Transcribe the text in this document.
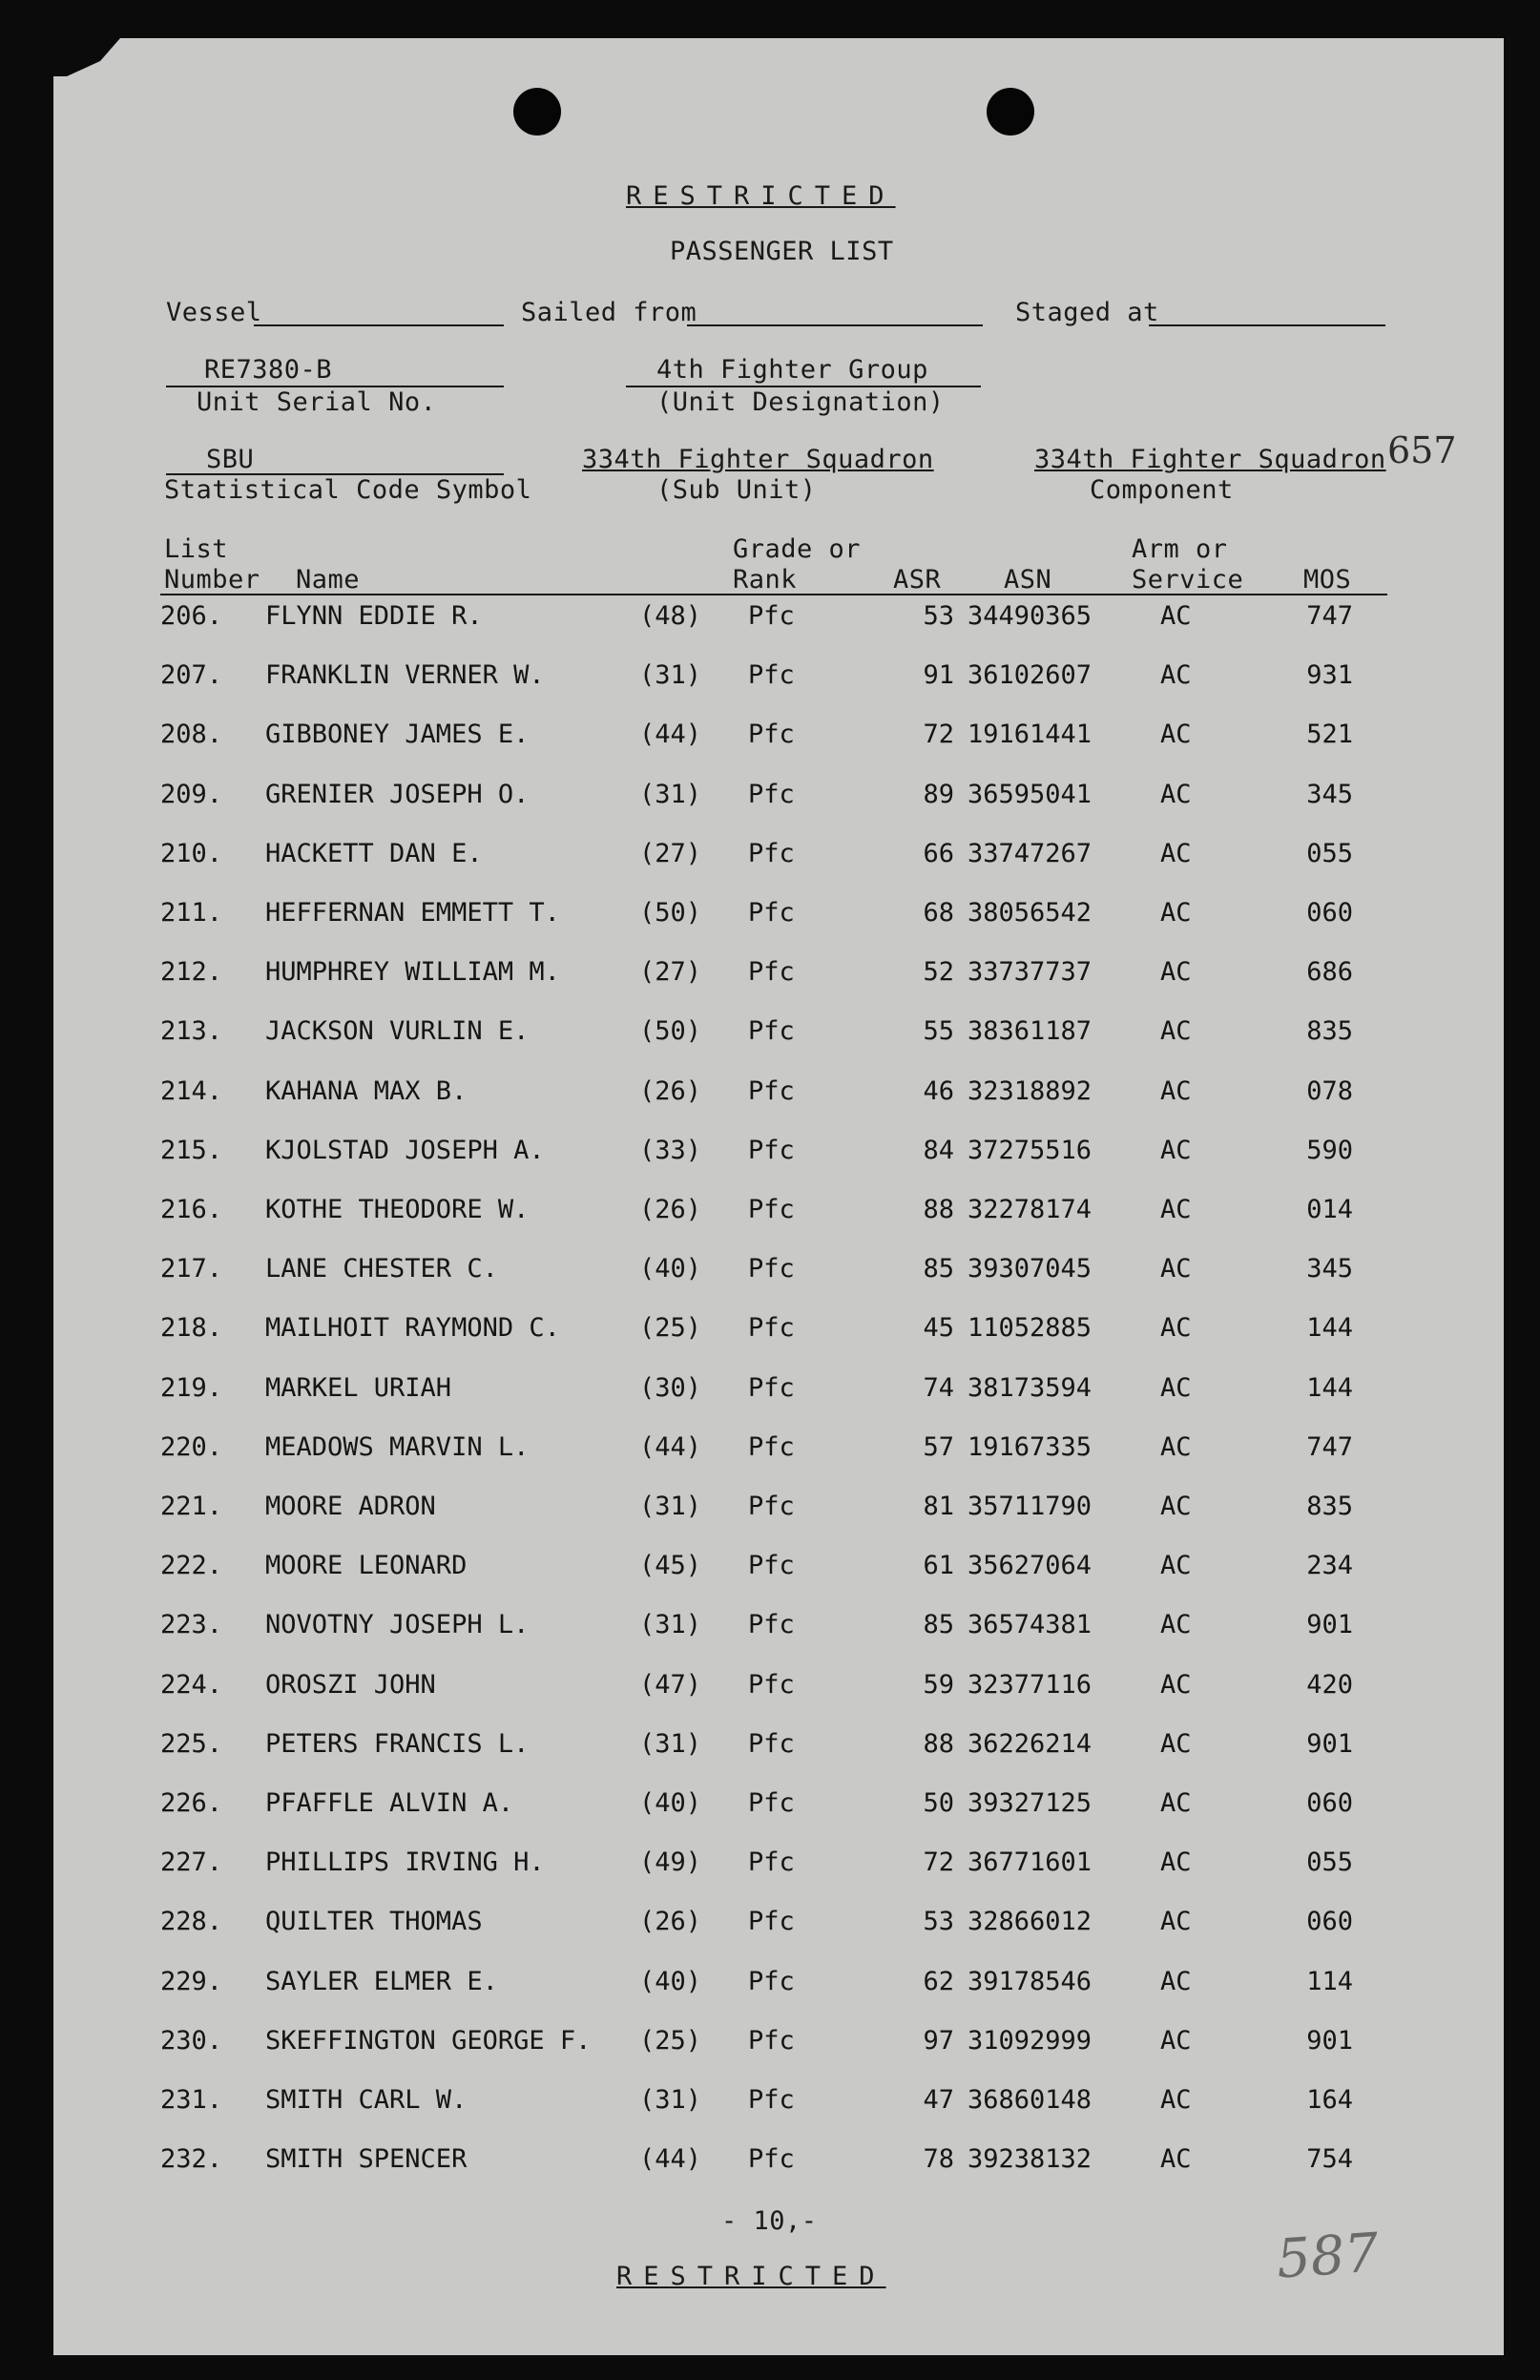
RESTRICTED
PASSENGER LIST
Vessel	Sailed from	Staged at
RE7380-B
Unit Serial No.
4th Fighter Group
(Unit Designation)
SBU
Statistical Code Symbol
334th Fighter Squadron
(Sub Unit)
334th Fighter Squadron
Component
657
List
Number Name
Grade or
Rank	ASR ASN
Arm or
Service MOS
206. FLYNN EDDIE R.	(48) Pfc	53 34490365	AC	747
207. FRANKLIN VERNER W.	(31) Pfc	91 36102607	AC	931
208. GIBBONEY JAMES E.	(44) Pfc	72 19161441	AC	521
209. GRENIER JOSEPH O.	(31) Pfc	89 36595041	AC	345
210. HACKETT DAN E.	(27) Pfc	66 33747267	AC	055
211. HEFFERNAN EMMETT T.	(50) Pfc	68 38056542	AC	060
212. HUMPHREY WILLIAM M.	(27) Pfc	52 33737737	AC	686
213. JACKSON VURLIN E.	(50) Pfc	55 38361187	AC	835
214. KAHANA MAX B.	(26) Pfc	46 32318892	AC	078
215. KJOLSTAD JOSEPH A.	(33) Pfc	84 37275516	AC	590
216. KOTHE THEODORE W.	(26) Pfc	88 32278174	AC	014
217. LANE CHESTER C.	(40) Pfc	85 39307045	AC	345
218. MAILHOIT RAYMOND C.	(25) Pfc	45 11052885	AC	144
219. MARKEL URIAH	(30) Pfc	74 38173594	AC	144
220. MEADOWS MARVIN L.	(44) Pfc	57 19167335	AC	747
221. MOORE ADRON	(31) Pfc	81 35711790	AC	835
222. MOORE LEONARD	(45) Pfc	61 35627064	AC	234
223. NOVOTNY JOSEPH L.	(31) Pfc	85 36574381	AC	901
224. OROSZI JOHN	(47) Pfc	59 32377116	AC	420
225. PETERS FRANCIS L.	(31) Pfc	88 36226214	AC	901
226. PFAFFLE ALVIN A.	(40) Pfc	50 39327125	AC	060
227. PHILLIPS IRVING H.	(49) Pfc	72 36771601	AC	055
228. QUILTER THOMAS	(26) Pfc	53 32866012	AC	060
229. SAYLER ELMER E.	(40) Pfc	62 39178546	AC	114
230. SKEFFINGTON GEORGE F. (25) Pfc	97 31092999	AC	901
231. SMITH CARL W.	(31) Pfc	47 36860148	AC	164
232. SMITH SPENCER	(44) Pfc	78 39238132	AC	754
- 10,-
RESTRICTED	587
